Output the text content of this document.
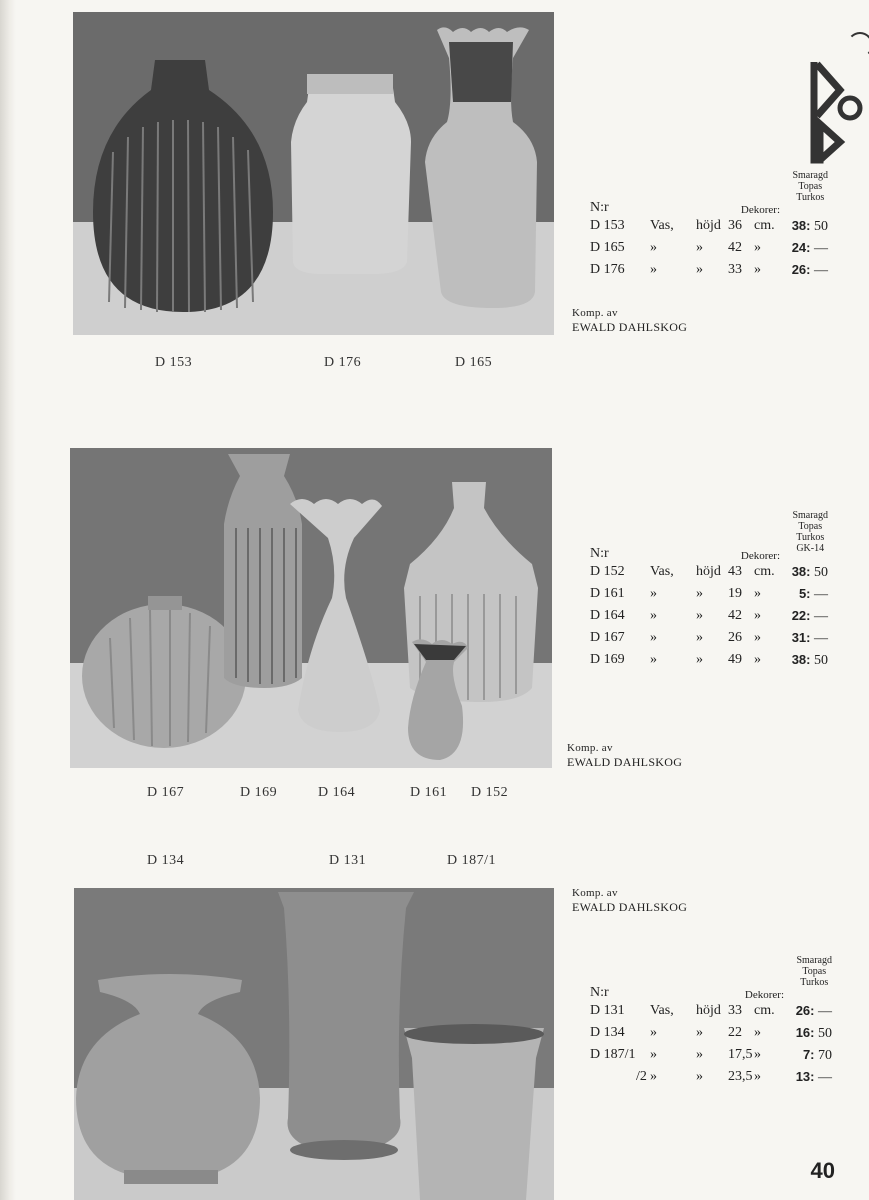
D 153	D 176	D 165
Smaragd
Topas
Turkos
N:r	Dekorer:
D 153 Vas, höjd 36 cm. 38: 50
D 165 »	» 42 » 24: —
D 176 »	» 33 » 26: —
Komp. av
EWALD DAHLSKOG
D 167	D 169	D 164	D 161 D 152
Smaragd
Topas
Turkos
GK-14
N:r	Dekorer:
D 152 Vas, höjd 43 cm. 38: 50
D 161 »	» 19 »	5: —
D 164 »	» 42 » 22: —
D 167 »	» 26 » 31: —
D 169 »	» 49 » 38: 50
Komp. av
EWALD DAHLSKOG
D 134	D 131	D 187/1
Komp. av
EWALD DAHLSKOG
Smaragd
Topas
Turkos
N:r	Dekorer:
D 131 Vas, höjd 33 cm. 26: —
D 134 »	» 22 »	16: 50
D 187/1 »	» 17,5 »	7: 70
/2 »	» 23,5 »	13: —
40
